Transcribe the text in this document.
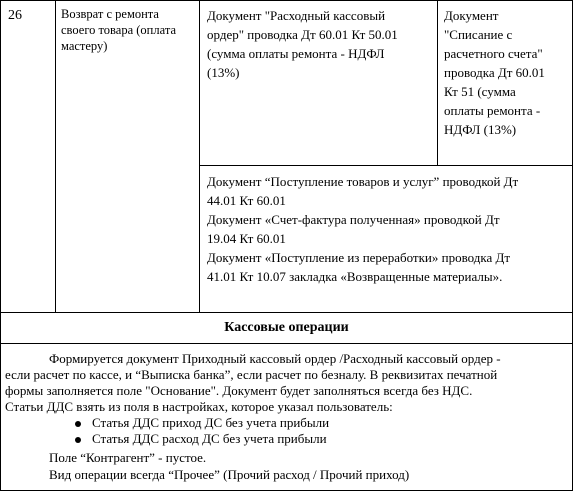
26	Возврат с ремонта
своего товара (оплата
мастеру)
Документ "Расходный кассовый
ордер" проводка Дт 60.01 Кт 50.01
(сумма оплаты ремонта - НДФЛ
(13%)
Документ
"Списание с
расчетного счета"
проводка Дт 60.01
Кт 51 (сумма
оплаты ремонта -
НДФЛ (13%)
Документ “Поступление товаров и услуг” проводкой Дт
44.01 Кт 60.01
Документ «Счет-фактура полученная» проводкой Дт
19.04 Кт 60.01
Документ «Поступление из переработки» проводка Дт
41.01 Кт 10.07 закладка «Возвращенные материалы».
Кассовые операции
Формируется документ Приходный кассовый ордер /Расходный кассовый ордер -
если расчет по кассе, и “Выписка банка”, если расчет по безналу. В реквизитах печатной
формы заполняется поле "Основание". Документ будет заполняться всегда без НДС.
Статьи ДДС взять из поля в настройках, которое указал пользователь:
Статья ДДС приход ДС без учета прибыли
Статья ДДС расход ДС без учета прибыли
Поле “Контрагент” - пустое.
Вид операции всегда “Прочее” (Прочий расход / Прочий приход)
